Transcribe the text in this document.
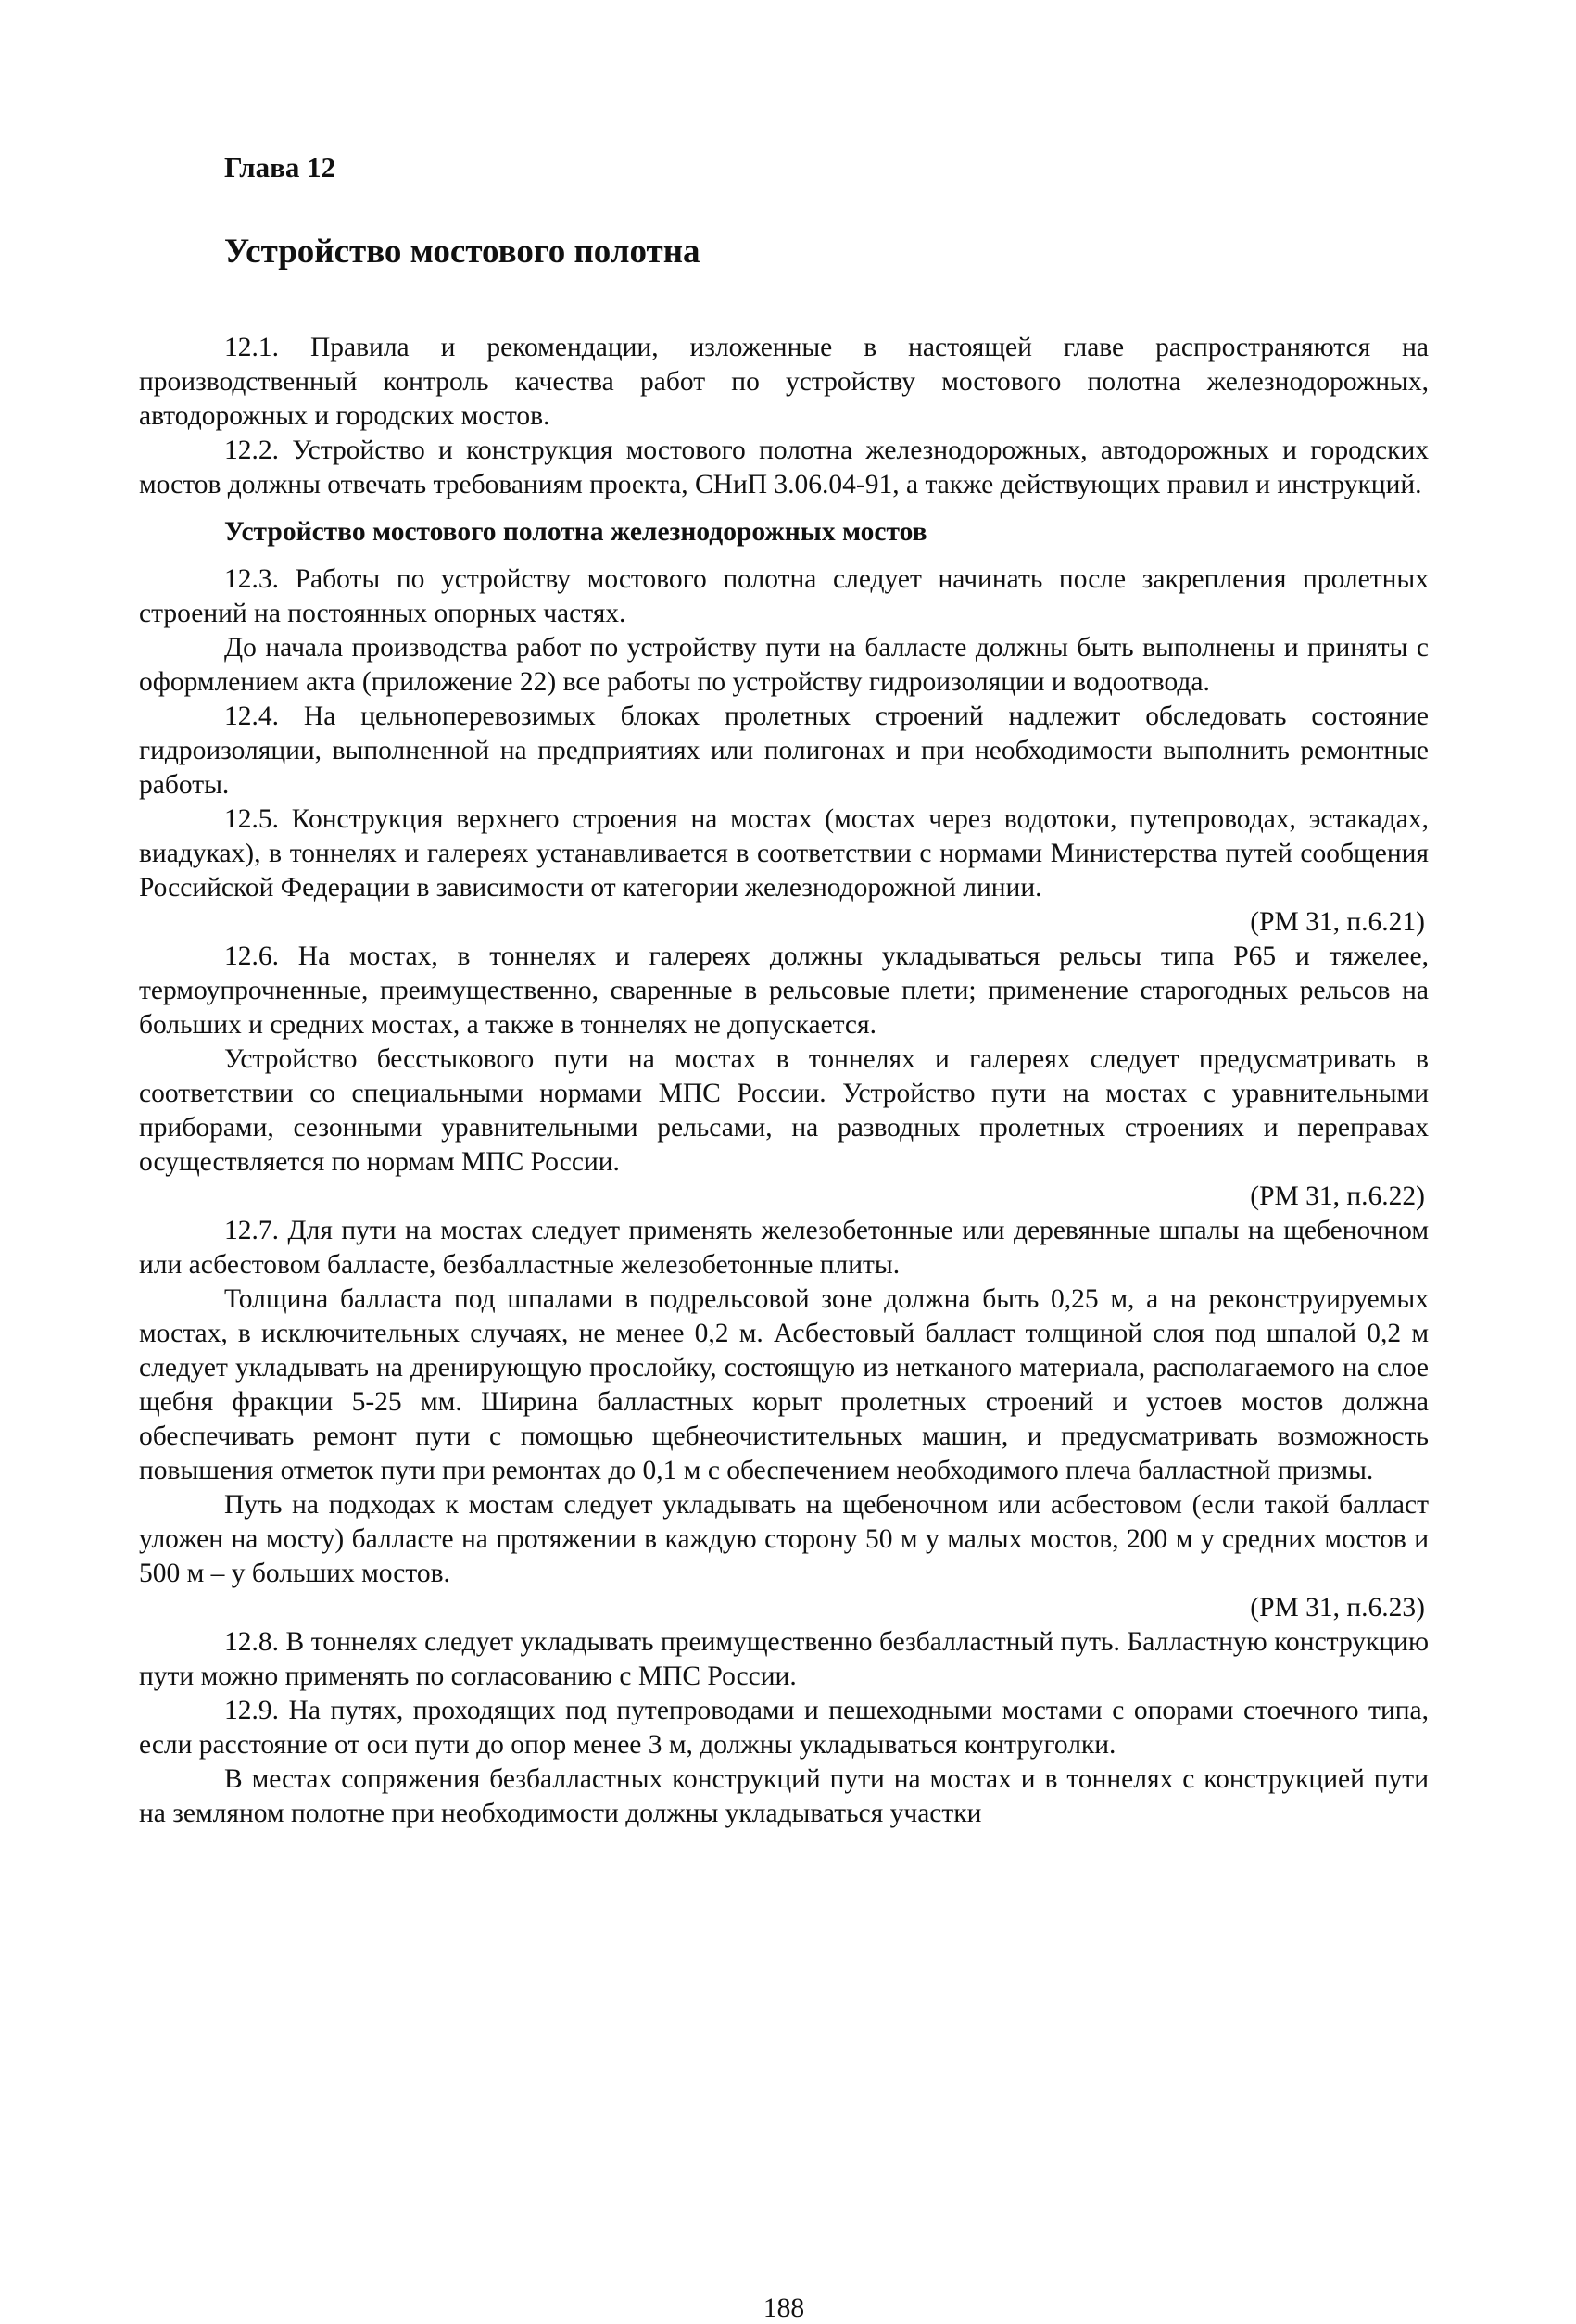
Глава 12
Устройство мостового полотна

12.1. Правила и рекомендации, изложенные в настоящей главе распространяются на производственный контроль качества работ по устройству мостового полотна железнодорожных, автодорожных и городских мостов.

12.2. Устройство и конструкция мостового полотна железнодорожных, автодорожных и городских мостов должны отвечать требованиям проекта, СНиП 3.06.04-91, а также действующих правил и инструкций.

Устройство мостового полотна железнодорожных мостов

12.3. Работы по устройству мостового полотна следует начинать после закрепления пролетных строений на постоянных опорных частях.

До начала производства работ по устройству пути на балласте должны быть выполнены и приняты с оформлением акта (приложение 22) все работы по устройству гидроизоляции и водоотвода.

12.4. На цельноперевозимых блоках пролетных строений надлежит обследовать состояние гидроизоляции, выполненной на предприятиях или полигонах и при необходимости выполнить ремонтные работы.

12.5. Конструкция верхнего строения на мостах (мостах через водотоки, путепроводах, эстакадах, виадуках), в тоннелях и галереях устанавливается в соответствии с нормами Министерства путей сообщения Российской Федерации в зависимости от категории железнодорожной линии.

(РМ 31, п.6.21)

12.6. На мостах, в тоннелях и галереях должны укладываться рельсы типа Р65 и тяжелее, термоупрочненные, преимущественно, сваренные в рельсовые плети; применение старогодных рельсов на больших и средних мостах, а также в тоннелях не допускается.

Устройство бесстыкового пути на мостах в тоннелях и галереях следует предусматривать в соответствии со специальными нормами МПС России. Устройство пути на мостах с уравнительными приборами, сезонными уравнительными рельсами, на разводных пролетных строениях и переправах осуществляется по нормам МПС России.

(РМ 31, п.6.22)

12.7. Для пути на мостах следует применять железобетонные или деревянные шпалы на щебеночном или асбестовом балласте, безбалластные железобетонные плиты.

Толщина балласта под шпалами в подрельсовой зоне должна быть 0,25 м, а на реконструируемых мостах, в исключительных случаях, не менее 0,2 м. Асбестовый балласт толщиной слоя под шпалой 0,2 м следует укладывать на дренирующую прослойку, состоящую из нетканого материала, располагаемого на слое щебня фракции 5-25 мм. Ширина балластных корыт пролетных строений и устоев мостов должна обеспечивать ремонт пути с помощью щебнеочистительных машин, и предусматривать возможность повышения отметок пути при ремонтах до 0,1 м с обеспечением необходимого плеча балластной призмы.

Путь на подходах к мостам следует укладывать на щебеночном или асбестовом (если такой балласт уложен на мосту) балласте на протяжении в каждую сторону 50 м у малых мостов, 200 м у средних мостов и 500 м – у больших мостов.

(РМ 31, п.6.23)

12.8. В тоннелях следует укладывать преимущественно безбалластный путь. Балластную конструкцию пути можно применять по согласованию с МПС России.

12.9. На путях, проходящих под путепроводами и пешеходными мостами с опорами стоечного типа, если расстояние от оси пути до опор менее 3 м, должны укладываться контруголки.

В местах сопряжения безбалластных конструкций пути на мостах и в тоннелях с конструкцией пути на земляном полотне при необходимости должны укладываться участки

188
